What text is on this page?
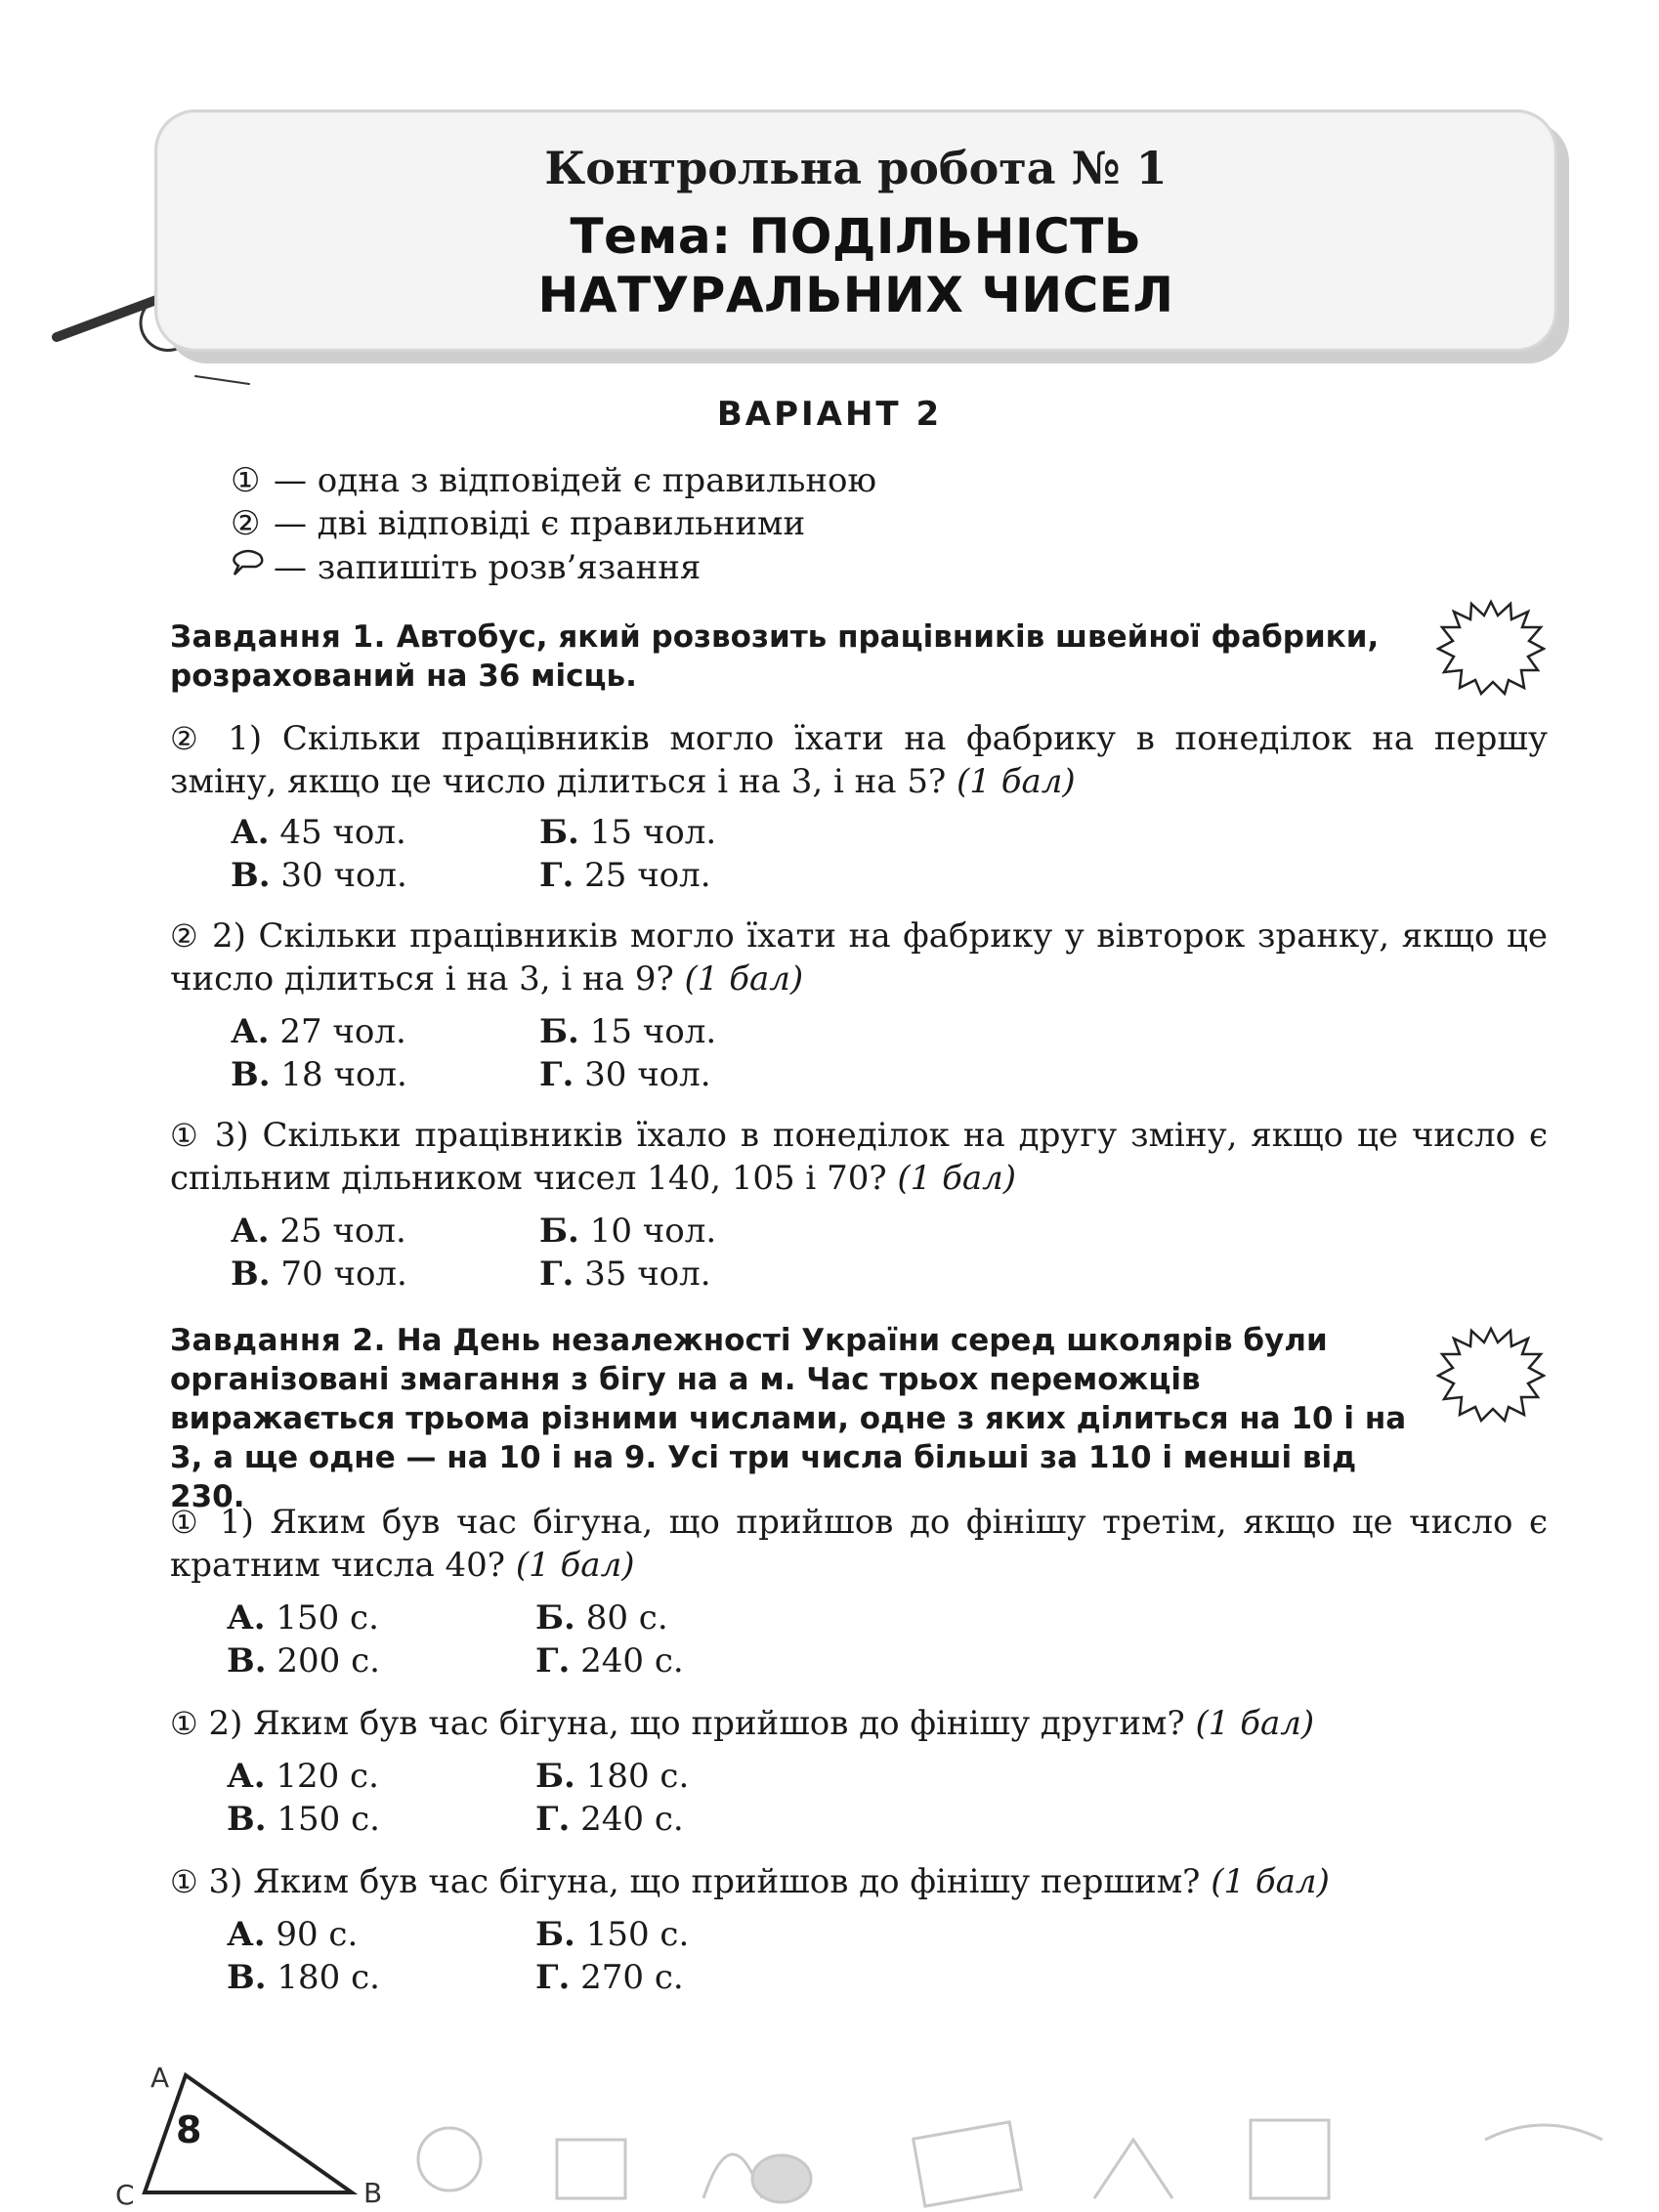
Контрольна робота № 1
Тема: ПОДІЛЬНІСТЬ
НАТУРАЛЬНИХ ЧИСЕЛ
ВАРІАНТ 2
① — одна з відповідей є правильною
② — дві відповіді є правильними
— запишіть розв’язання
Завдання 1. Автобус, який розвозить працівників швейної фабрики, розрахований на 36 місць.
② 1) Скільки працівників могло їхати на фабрику в понеділок на першу зміну, якщо це число ділиться і на 3, і на 5? (1 бал)
А. 45 чол.	Б. 15 чол.
В. 30 чол.	Г. 25 чол.
② 2) Скільки працівників могло їхати на фабрику у вівторок зранку, якщо це число ділиться і на 3, і на 9? (1 бал)
А. 27 чол.	Б. 15 чол.
В. 18 чол.	Г. 30 чол.
① 3) Скільки працівників їхало в понеділок на другу зміну, якщо це число є спільним дільником чисел 140, 105 і 70? (1 бал)
А. 25 чол.	Б. 10 чол.
В. 70 чол.	Г. 35 чол.
Завдання 2. На День незалежності України серед школярів були організовані змагання з бігу на a м. Час трьох переможців виражається трьома різними числами, одне з яких ділиться на 10 і на 3, а ще одне — на 10 і на 9. Усі три числа більші за 110 і менші від 230.
① 1) Яким був час бігуна, що прийшов до фінішу третім, якщо це число є кратним числа 40? (1 бал)
А. 150 с.	Б. 80 с.
В. 200 с.	Г. 240 с.
① 2) Яким був час бігуна, що прийшов до фінішу другим? (1 бал)
А. 120 с.	Б. 180 с.
В. 150 с.	Г. 240 с.
① 3) Яким був час бігуна, що прийшов до фінішу першим? (1 бал)
А. 90 с.	Б. 150 с.
В. 180 с.	Г. 270 с.
A
B
C
8
